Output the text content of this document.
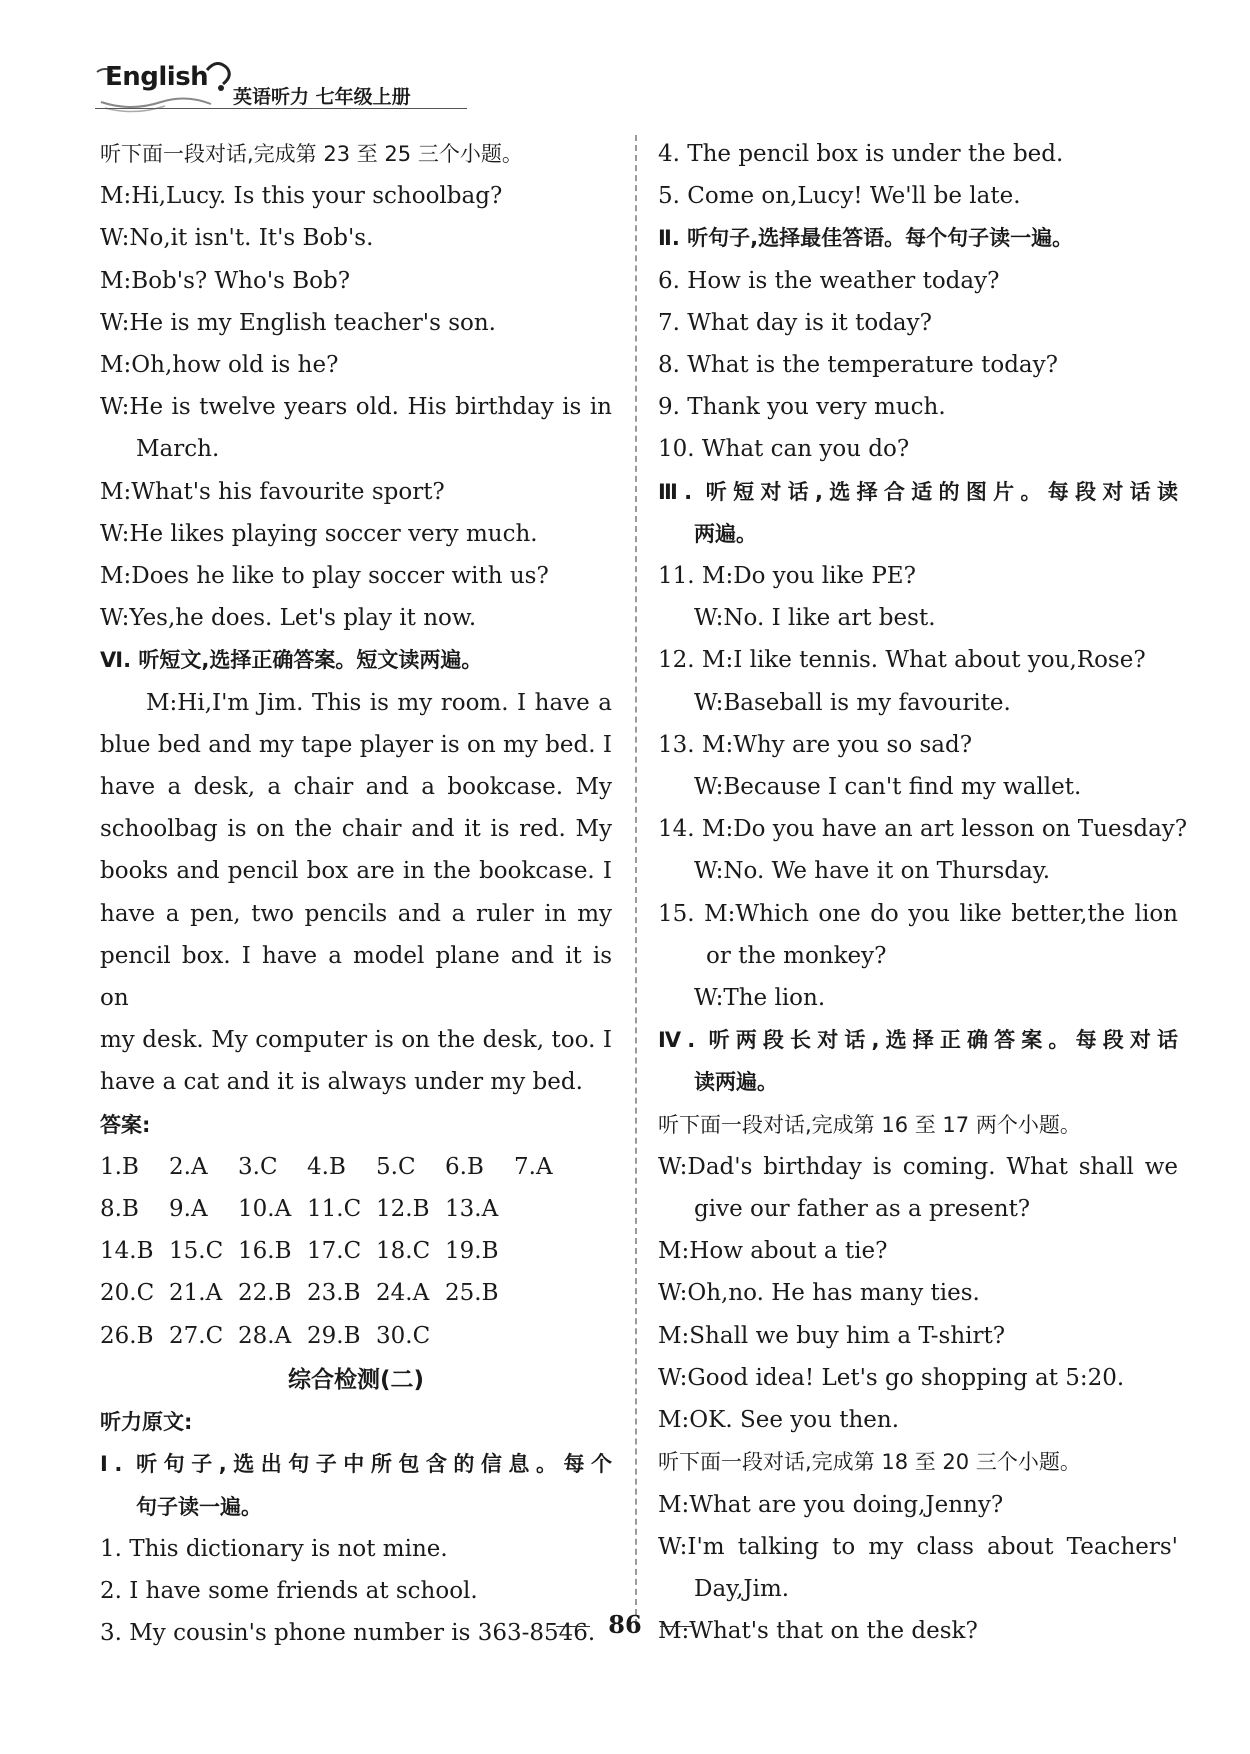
English
英语听力 七年级上册
听下面一段对话,完成第 23 至 25 三个小题。
M:Hi,Lucy. Is this your schoolbag?
W:No,it isn't. It's Bob's.
M:Bob's? Who's Bob?
W:He is my English teacher's son.
M:Oh,how old is he?
W:He is twelve years old. His birthday is in
March.
M:What's his favourite sport?
W:He likes playing soccer very much.
M:Does he like to play soccer with us?
W:Yes,he does. Let's play it now.
Ⅵ. 听短文,选择正确答案。短文读两遍。
M:Hi,I'm Jim. This is my room. I have a
blue bed and my tape player is on my bed. I
have a desk, a chair and a bookcase. My
schoolbag is on the chair and it is red. My
books and pencil box are in the bookcase. I
have a pen, two pencils and a ruler in my
pencil box. I have a model plane and it is on
my desk. My computer is on the desk, too. I
have a cat and it is always under my bed.
答案:
1.B	2.A	3.C	4.B	5.C	6.B	7.A
8.B	9.A	10.A 11.C 12.B 13.A
14.B 15.C 16.B 17.C 18.C 19.B
20.C 21.A 22.B 23.B 24.A 25.B
26.B 27.C 28.A 29.B 30.C
综合检测(二)
听力原文:
Ⅰ. 听句子,选出句子中所包含的信息。每个
句子读一遍。
1. This dictionary is not mine.
2. I have some friends at school.
3. My cousin's phone number is 363-8546.
4. The pencil box is under the bed.
5. Come on,Lucy! We'll be late.
Ⅱ. 听句子,选择最佳答语。每个句子读一遍。
6. How is the weather today?
7. What day is it today?
8. What is the temperature today?
9. Thank you very much.
10. What can you do?
Ⅲ. 听短对话,选择合适的图片。每段对话读
两遍。
11. M:Do you like PE?
W:No. I like art best.
12. M:I like tennis. What about you,Rose?
W:Baseball is my favourite.
13. M:Why are you so sad?
W:Because I can't find my wallet.
14. M:Do you have an art lesson on Tuesday?
W:No. We have it on Thursday.
15. M:Which one do you like better,the lion
or the monkey?
W:The lion.
Ⅳ. 听两段长对话,选择正确答案。每段对话
读两遍。
听下面一段对话,完成第 16 至 17 两个小题。
W:Dad's birthday is coming. What shall we
give our father as a present?
M:How about a tie?
W:Oh,no. He has many ties.
M:Shall we buy him a T-shirt?
W:Good idea! Let's go shopping at 5:20.
M:OK. See you then.
听下面一段对话,完成第 18 至 20 三个小题。
M:What are you doing,Jenny?
W:I'm talking to my class about Teachers'
Day,Jim.
M:What's that on the desk?
86
